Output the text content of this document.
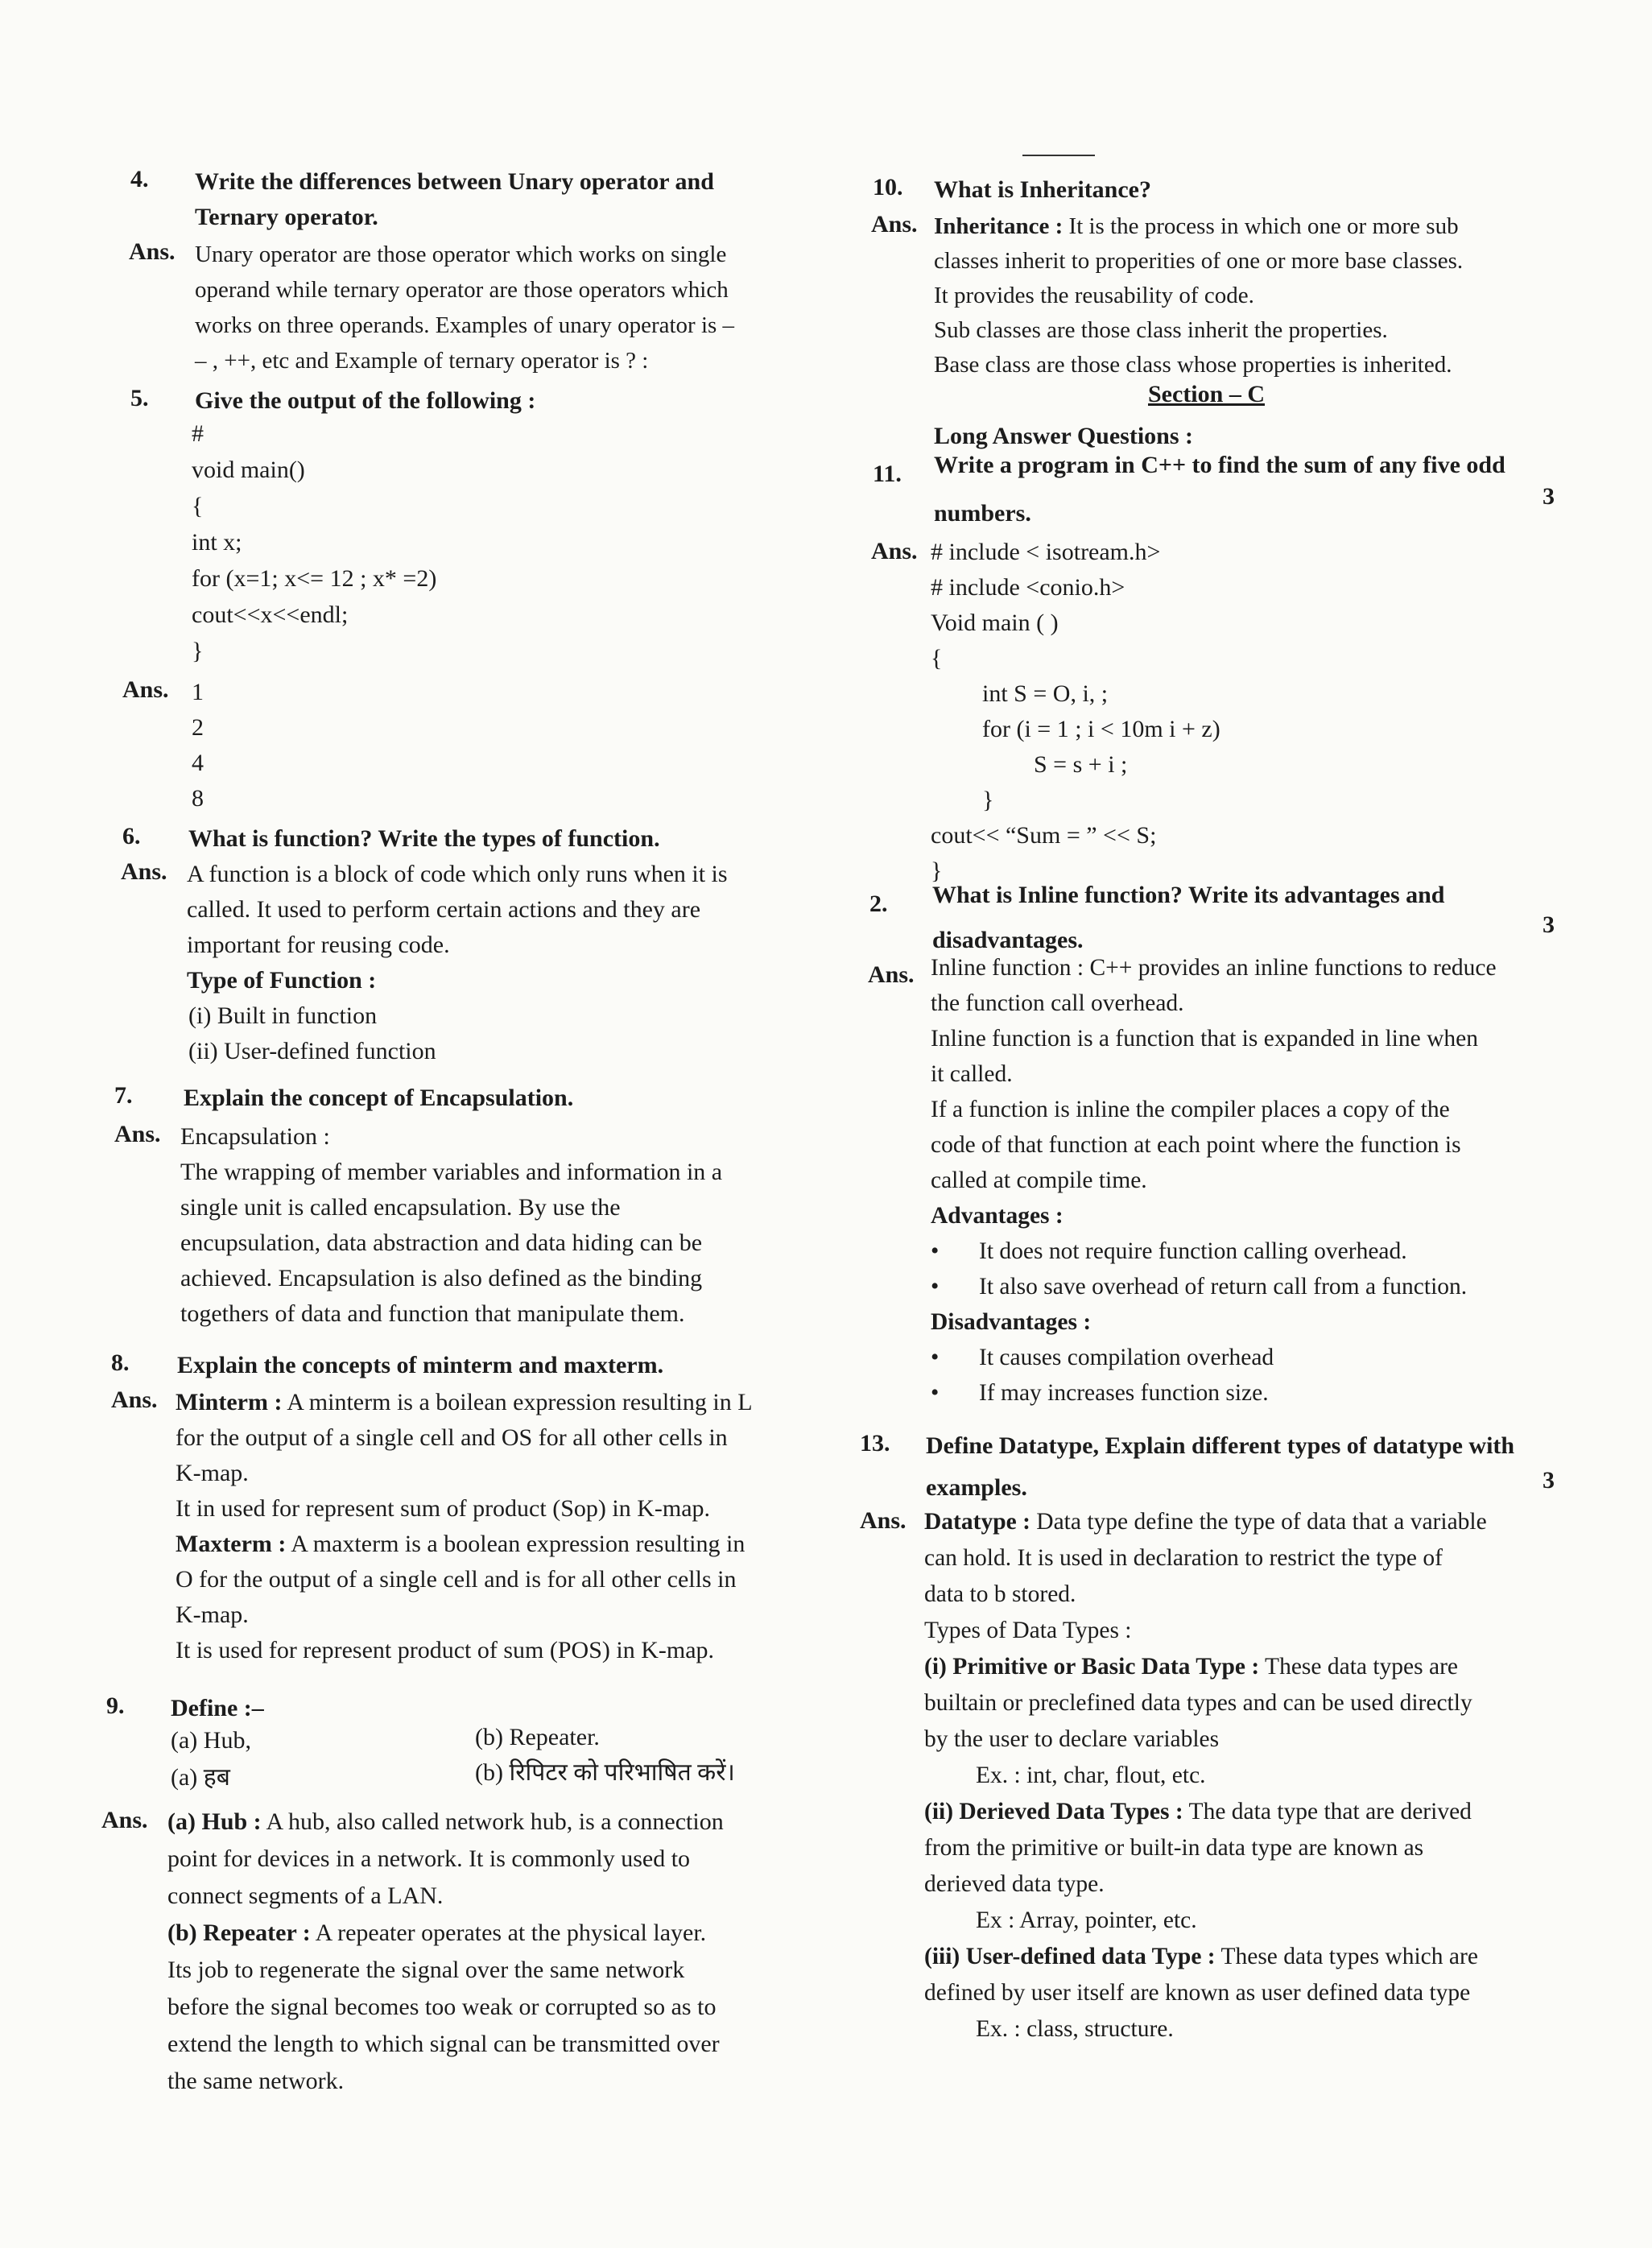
4. Write the differences between Unary operator and
Ternary operator.
Ans. Unary operator are those operator which works on single
operand while ternary operator are those operators which
works on three operands. Examples of unary operator is –
– , ++, etc and Example of ternary operator is ? :
5. Give the output of the following :
#
void main()
{
int x;
for (x=1; x<= 12 ; x* =2)
cout<<x<<endl;
}
Ans. 1
2
4
8
6. What is function? Write the types of function.
Ans. A function is a block of code which only runs when it is
called. It used to perform certain actions and they are
important for reusing code.
Type of Function :
(i) Built in function
(ii) User-defined function
7. Explain the concept of Encapsulation.
Ans. Encapsulation :
The wrapping of member variables and information in a
single unit is called encapsulation. By use the
encupsulation, data abstraction and data hiding can be
achieved. Encapsulation is also defined as the binding
togethers of data and function that manipulate them.
8. Explain the concepts of minterm and maxterm.
Ans. Minterm : A minterm is a boilean expression resulting in L
for the output of a single cell and OS for all other cells in
K-map.
It in used for represent sum of product (Sop) in K-map.
Maxterm : A maxterm is a boolean expression resulting in
O for the output of a single cell and is for all other cells in
K-map.
It is used for represent product of sum (POS) in K-map.
9. Define :–
(a) Hub,	(b) Repeater.
(a) हब	(b) रिपिटर को परिभाषित करें।
Ans. (a) Hub : A hub, also called network hub, is a connection
point for devices in a network. It is commonly used to
connect segments of a LAN.
(b) Repeater : A repeater operates at the physical layer.
Its job to regenerate the signal over the same network
before the signal becomes too weak or corrupted so as to
extend the length to which signal can be transmitted over
the same network.
10. What is Inheritance?
Ans. Inheritance : It is the process in which one or more sub
classes inherit to properities of one or more base classes.
It provides the reusability of code.
Sub classes are those class inherit the properties.
Base class are those class whose properties is inherited.
Section – C
Long Answer Questions :
11. Write a program in C++ to find the sum of any five odd
numbers.
3
Ans. # include < isotream.h>
# include <conio.h>
Void main ( )
{
int S = O, i, ;
for (i = 1 ; i < 10m i + z)
S = s + i ;
}
cout<< “Sum = ” << S;
}
2. What is Inline function? Write its advantages and
disadvantages.
3
Ans. Inline function : C++ provides an inline functions to reduce
the function call overhead.
Inline function is a function that is expanded in line when
it called.
If a function is inline the compiler places a copy of the
code of that function at each point where the function is
called at compile time.
Advantages :
• It does not require function calling overhead.
• It also save overhead of return call from a function.
Disadvantages :
• It causes compilation overhead
• If may increases function size.
13. Define Datatype, Explain different types of datatype with
examples.	3
Ans. Datatype : Data type define the type of data that a variable
can hold. It is used in declaration to restrict the type of
data to b stored.
Types of Data Types :
(i) Primitive or Basic Data Type : These data types are
builtain or preclefined data types and can be used directly
by the user to declare variables
Ex. : int, char, flout, etc.
(ii) Derieved Data Types : The data type that are derived
from the primitive or built-in data type are known as
derieved data type.
Ex : Array, pointer, etc.
(iii) User-defined data Type : These data types which are
defined by user itself are known as user defined data type
Ex. : class, structure.
